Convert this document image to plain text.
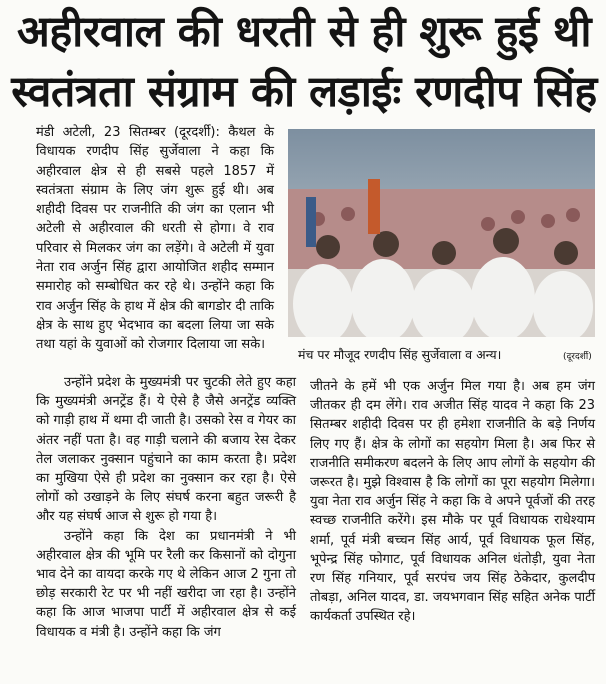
अहीरवाल की धरती से ही शुरू हुई थी
स्वतंत्रता संग्राम की लड़ाईः रणदीप सिंह

मंडी अटेली, 23 सितम्बर (दूरदर्शी): कैथल के विधायक रणदीप सिंह सुर्जेवाला ने कहा कि अहीरवाल क्षेत्र से ही सबसे पहले 1857 में स्वतंत्रता संग्राम के लिए जंग शुरू हुई थी। अब शहीदी दिवस पर राजनीति की जंग का एलान भी अटेली से अहीरवाल की धरती से होगा। वे राव परिवार से मिलकर जंग का लड़ेंगे। वे अटेली में युवा नेता राव अर्जुन सिंह द्वारा आयोजित शहीद सम्मान समारोह को सम्बोधित कर रहे थे। उन्होंने कहा कि राव अर्जुन सिंह के हाथ में क्षेत्र की बागडोर दी ताकि क्षेत्र के साथ हुए भेदभाव का बदला लिया जा सके तथा यहां के युवाओं को रोजगार दिलाया जा सके।

मंच पर मौजूद रणदीप सिंह सुर्जेवाला व अन्य।	(दूरदर्शी)

उन्होंने प्रदेश के मुख्यमंत्री पर चुटकी लेते हुए कहा कि मुख्यमंत्री अनट्रेंड हैं। ये ऐसे है जैसे अनट्रेंड व्यक्ति को गाड़ी हाथ में थमा दी जाती है। उसको रेस व गेयर का अंतर नहीं पता है। वह गाड़ी चलाने की बजाय रेस देकर तेल जलाकर नुक्सान पहुंचाने का काम करता है। प्रदेश का मुखिया ऐसे ही प्रदेश का नुक्सान कर रहा है। ऐसे लोगों को उखाड़ने के लिए संघर्ष करना बहुत जरूरी है और यह संघर्ष आज से शुरू हो गया है।

उन्होंने कहा कि देश का प्रधानमंत्री ने भी अहीरवाल क्षेत्र की भूमि पर रैली कर किसानों को दोगुना भाव देने का वायदा करके गए थे लेकिन आज 2 गुना तो छोड़ सरकारी रेट पर भी नहीं खरीदा जा रहा है। उन्होंने कहा कि आज भाजपा पार्टी में अहीरवाल क्षेत्र से कई विधायक व मंत्री है। उन्होंने कहा कि जंग

जीतने के हमें भी एक अर्जुन मिल गया है। अब हम जंग जीतकर ही दम लेंगे। राव अजीत सिंह यादव ने कहा कि 23 सितम्बर शहीदी दिवस पर ही हमेशा राजनीति के बड़े निर्णय लिए गए हैं। क्षेत्र के लोगों का सहयोग मिला है। अब फिर से राजनीति समीकरण बदलने के लिए आप लोगों के सहयोग की जरूरत है। मुझे विश्वास है कि लोगों का पूरा सहयोग मिलेगा। युवा नेता राव अर्जुन सिंह ने कहा कि वे अपने पूर्वजों की तरह स्वच्छ राजनीति करेंगे। इस मौके पर पूर्व विधायक राधेश्याम शर्मा, पूर्व मंत्री बच्चन सिंह आर्य, पूर्व विधायक फूल सिंह, भूपेन्द्र सिंह फोगाट, पूर्व विधायक अनिल धंतोड़ी, युवा नेता रण सिंह गनियार, पूर्व सरपंच जय सिंह ठेकेदार, कुलदीप तोबड़ा, अनिल यादव, डा. जयभगवान सिंह सहित अनेक पार्टी कार्यकर्ता उपस्थित रहे।
